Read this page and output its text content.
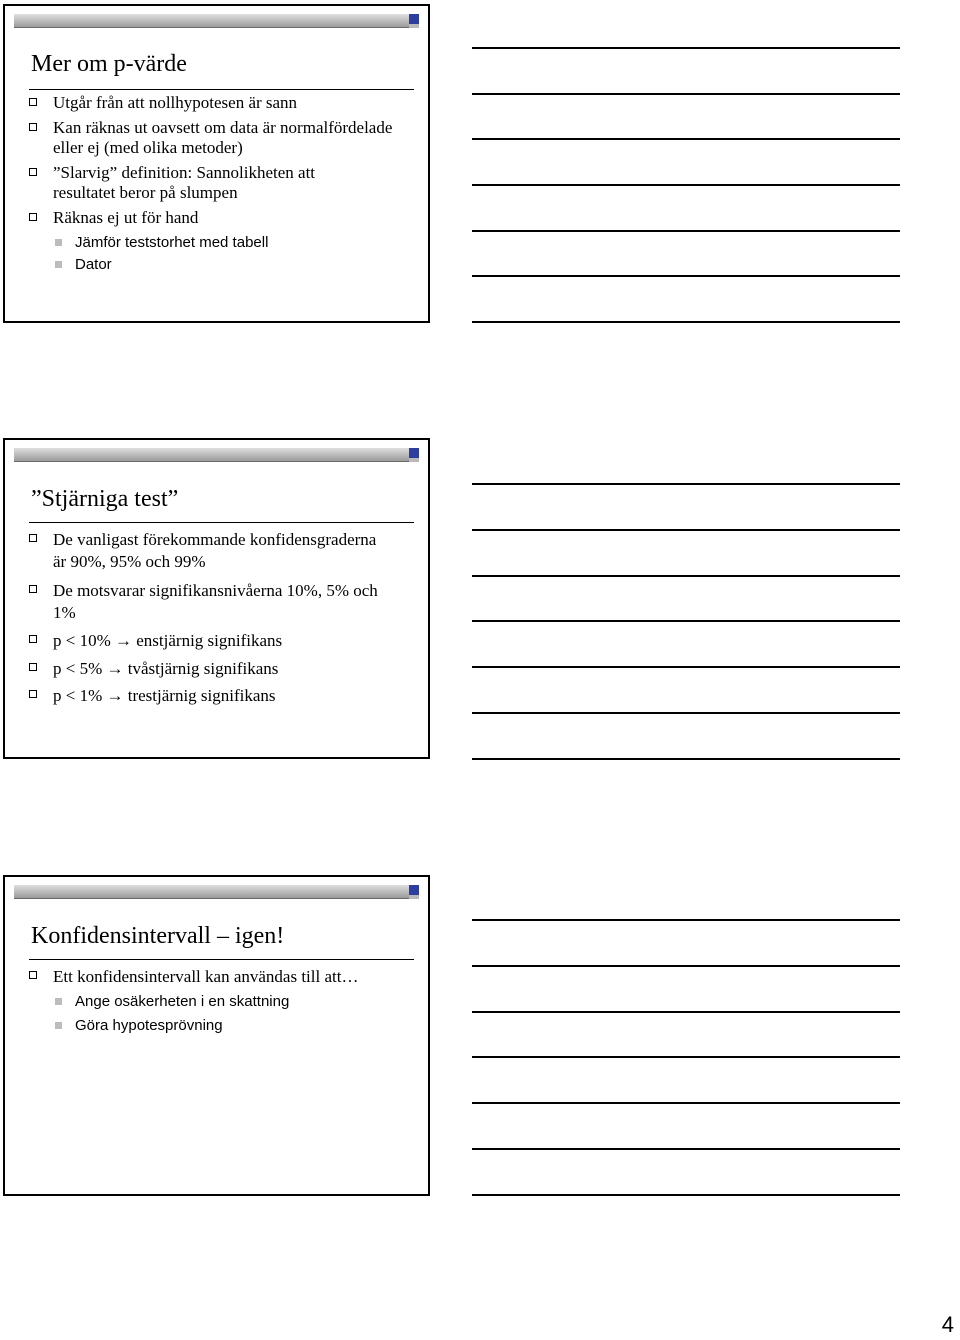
Mer om p-värde
Utgår från att nollhypotesen är sann
Kan räknas ut oavsett om data är normalfördelade eller ej (med olika metoder)
”Slarvig” definition: Sannolikheten att resultatet beror på slumpen
Räknas ej ut för hand
Jämför teststorhet med tabell
Dator
”Stjärniga test”
De vanligast förekommande konfidensgraderna är 90%, 95% och 99%
De motsvarar signifikansnivåerna 10%, 5% och 1%
p < 10% → enstjärnig signifikans
p < 5% → tvåstjärnig signifikans
p < 1% → trestjärnig signifikans
Konfidensintervall – igen!
Ett konfidensintervall kan användas till att…
Ange osäkerheten i en skattning
Göra hypotesprövning
4
